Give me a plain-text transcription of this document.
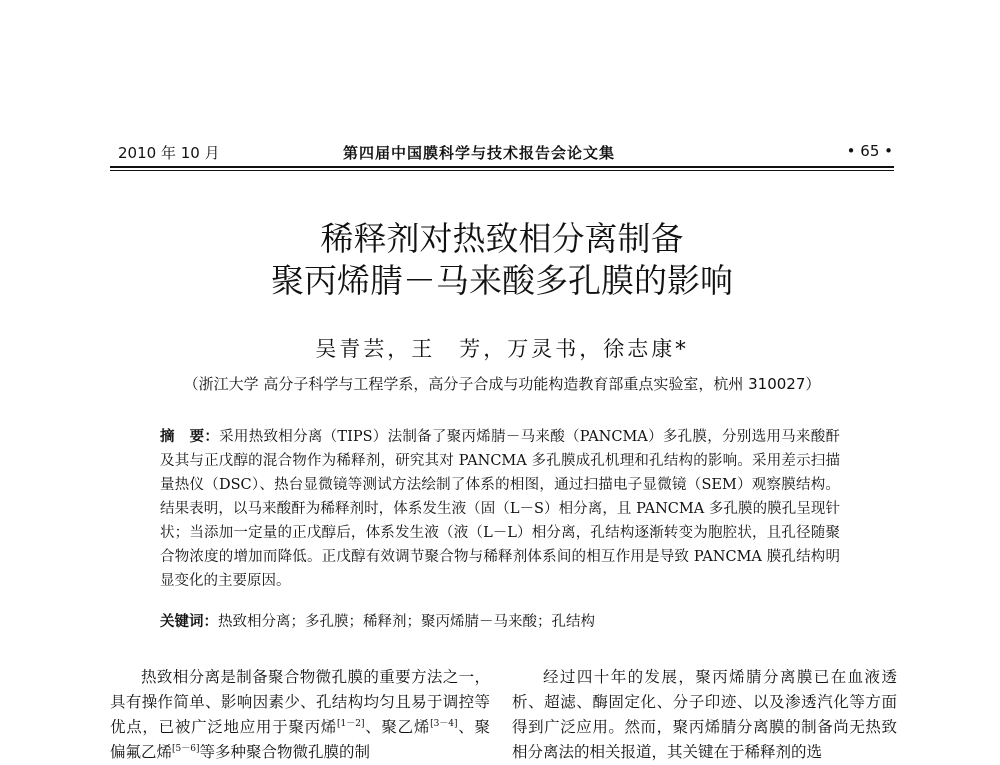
2010 年 10 月	第四届中国膜科学与技术报告会论文集	• 65 •
稀释剂对热致相分离制备
聚丙烯腈－马来酸多孔膜的影响
吴青芸，王　芳，万灵书，徐志康*
（浙江大学 高分子科学与工程学系，高分子合成与功能构造教育部重点实验室，杭州 310027）

摘　要：采用热致相分离（TIPS）法制备了聚丙烯腈－马来酸（PANCMA）多孔膜，分别选用马来酸酐及其与正戊醇的混合物作为稀释剂，研究其对 PANCMA 多孔膜成孔机理和孔结构的影响。采用差示扫描量热仪（DSC）、热台显微镜等测试方法绘制了体系的相图，通过扫描电子显微镜（SEM）观察膜结构。结果表明，以马来酸酐为稀释剂时，体系发生液（固（L－S）相分离，且 PANCMA 多孔膜的膜孔呈现针状；当添加一定量的正戊醇后，体系发生液（液（L－L）相分离，孔结构逐渐转变为胞腔状，且孔径随聚合物浓度的增加而降低。正戊醇有效调节聚合物与稀释剂体系间的相互作用是导致 PANCMA 膜孔结构明显变化的主要原因。

关键词：热致相分离；多孔膜；稀释剂；聚丙烯腈－马来酸；孔结构

热致相分离是制备聚合物微孔膜的重要方法之一，具有操作简单、影响因素少、孔结构均匀且易于调控等优点，已被广泛地应用于聚丙烯[1－2]、聚乙烯[3－4]、聚偏氟乙烯[5－6]等多种聚合物微孔膜的制

经过四十年的发展，聚丙烯腈分离膜已在血液透析、超滤、酶固定化、分子印迹、以及渗透汽化等方面得到广泛应用。然而，聚丙烯腈分离膜的制备尚无热致相分离法的相关报道，其关键在于稀释剂的选
